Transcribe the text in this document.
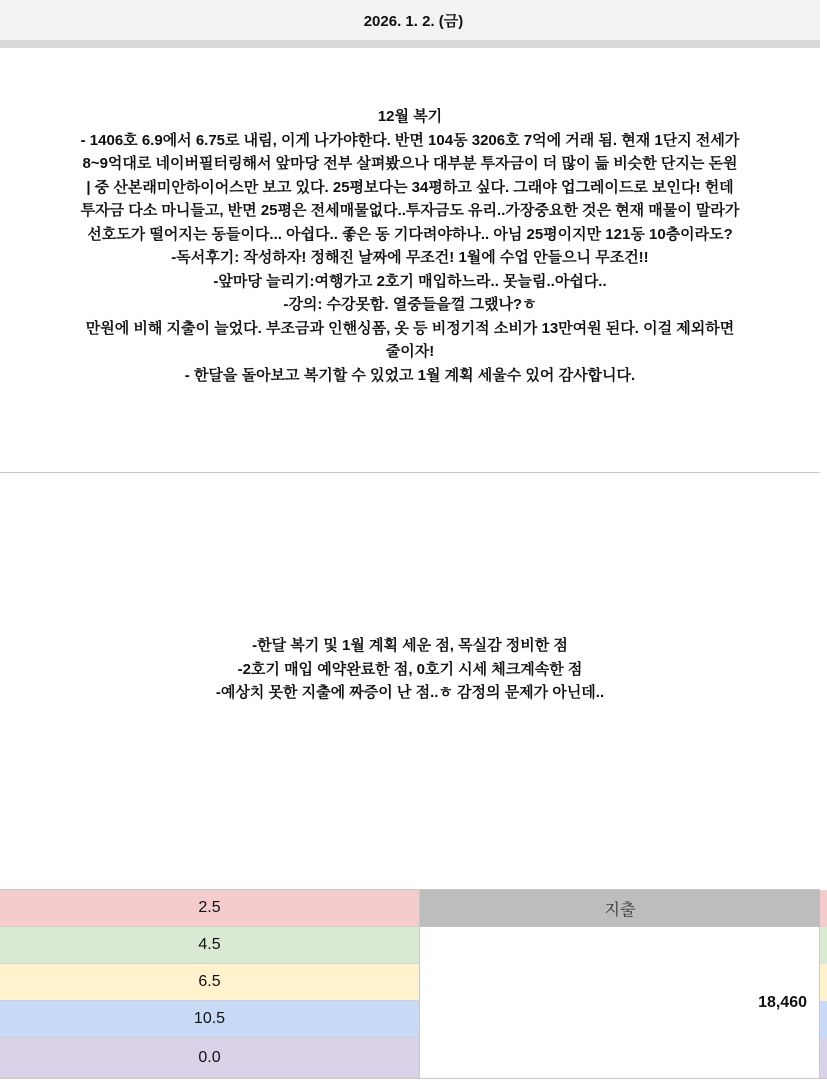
2026. 1. 2. (금)
12월 복기
- 1406호 6.9에서 6.75로 내림, 이게 나가야한다. 반면 104동 3206호 7억에 거래 됨. 현재 1단지 전세가
8~9억대로 네이버필터링해서 앞마당 전부 살펴봤으나 대부분 투자금이 더 많이 듦 비슷한 단지는 돈원
| 중 산본래미안하이어스만 보고 있다. 25평보다는 34평하고 싶다. 그래야 업그레이드로 보인다! 헌데
투자금 다소 마니들고, 반면 25평은 전세매물없다..투자금도 유리..가장중요한 것은 현재 매물이 말라가
선호도가 떨어지는 동들이다... 아쉽다.. 좋은 동 기다려야하나.. 아님 25평이지만 121동 10층이라도?
-독서후기: 작성하자! 정해진 날짜에 무조건! 1월에 수업 안들으니 무조건!!
-앞마당 늘리기:여행가고 2호기 매입하느라.. 못늘림..아쉽다..
-강의: 수강못함. 열중들을껄 그랬나?ㅎ
만원에 비해 지출이 늘었다. 부조금과 인핸싱폼, 옷 등 비정기적 소비가 13만여원 된다. 이걸 제외하면
줄이자!
- 한달을 돌아보고 복기할 수 있었고 1월 계획 세울수 있어 감사합니다.
-한달 복기 및 1월 계획 세운 점, 목실감 정비한 점
-2호기 매입 예약완료한 점, 0호기 시세 체크계속한 점
-예상치 못한 지출에 짜증이 난 점..ㅎ 감정의 문제가 아닌데..
2.5
4.5
6.5
10.5
0.0
지출
18,460
